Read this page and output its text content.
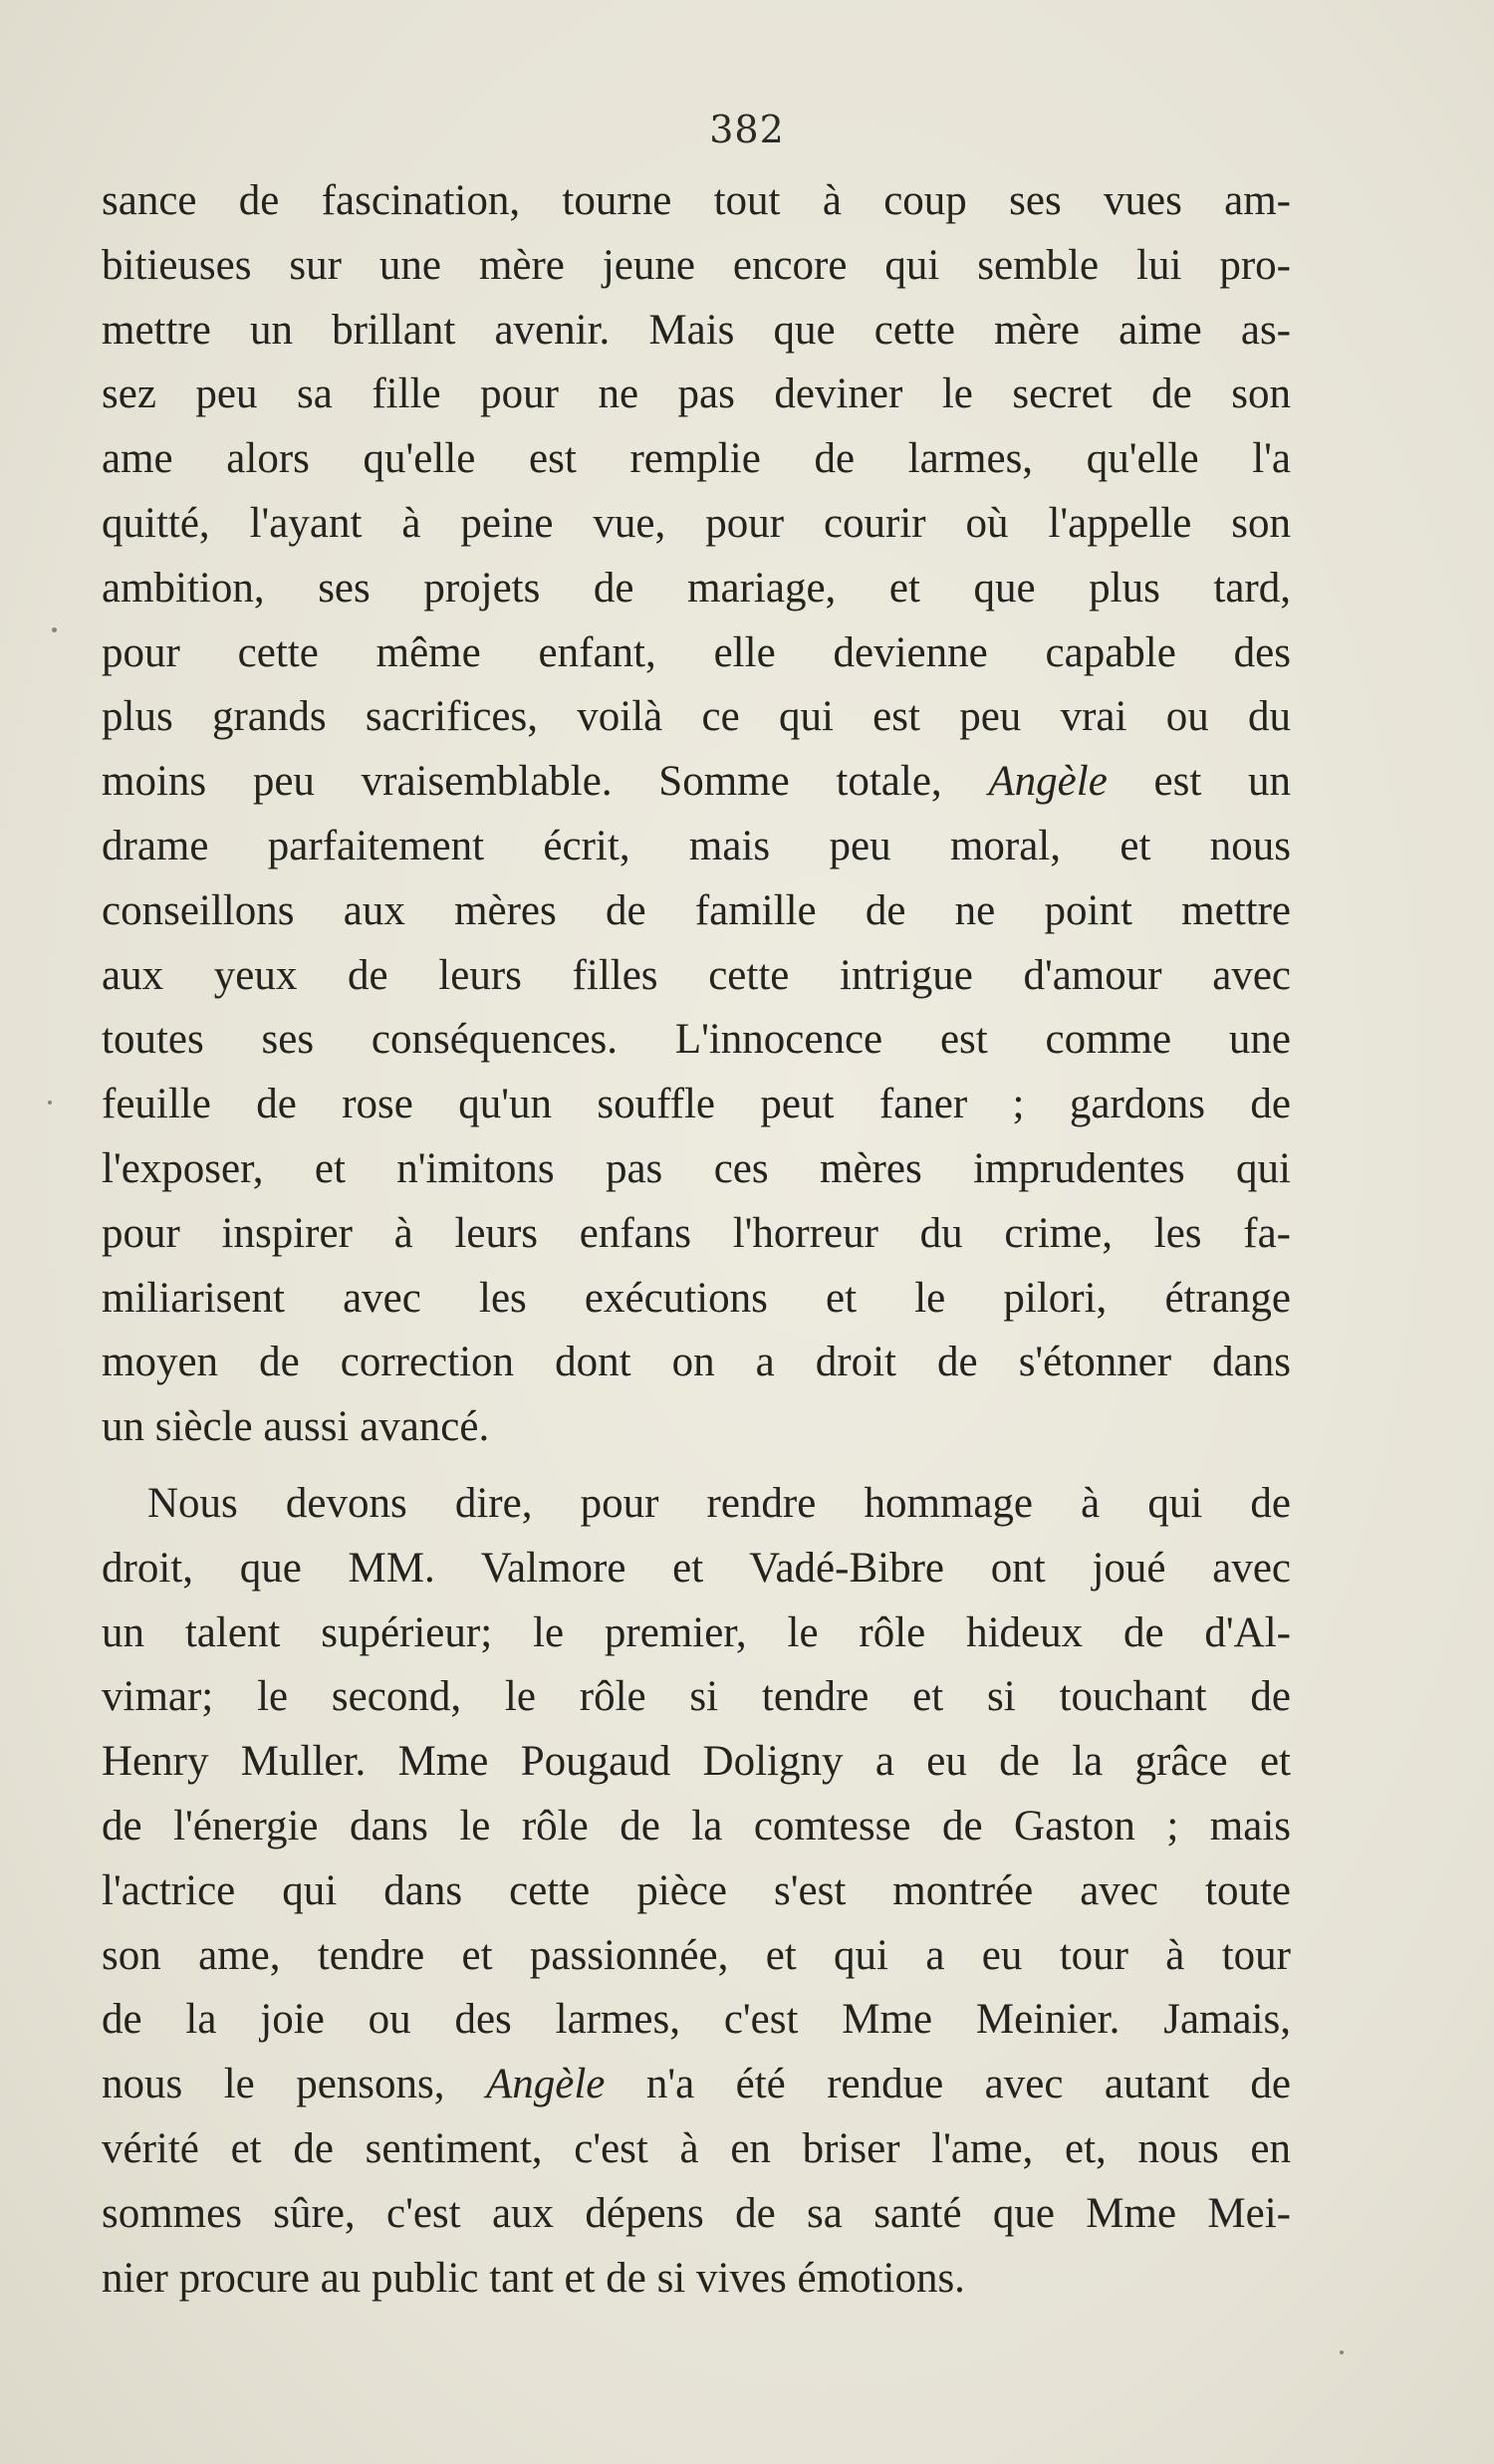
382

sance de fascination, tourne tout à coup ses vues am-
bitieuses sur une mère jeune encore qui semble lui pro-
mettre un brillant avenir. Mais que cette mère aime as-
sez peu sa fille pour ne pas deviner le secret de son
ame alors qu'elle est remplie de larmes, qu'elle l'a
quitté, l'ayant à peine vue, pour courir où l'appelle son
ambition, ses projets de mariage, et que plus tard,
pour cette même enfant, elle devienne capable des
plus grands sacrifices, voilà ce qui est peu vrai ou du
moins peu vraisemblable. Somme totale, Angèle est un
drame parfaitement écrit, mais peu moral, et nous
conseillons aux mères de famille de ne point mettre
aux yeux de leurs filles cette intrigue d'amour avec
toutes ses conséquences. L'innocence est comme une
feuille de rose qu'un souffle peut faner ; gardons de
l'exposer, et n'imitons pas ces mères imprudentes qui
pour inspirer à leurs enfans l'horreur du crime, les fa-
miliarisent avec les exécutions et le pilori, étrange
moyen de correction dont on a droit de s'étonner dans
un siècle aussi avancé.

Nous devons dire, pour rendre hommage à qui de
droit, que MM. Valmore et Vadé-Bibre ont joué avec
un talent supérieur; le premier, le rôle hideux de d'Al-
vimar; le second, le rôle si tendre et si touchant de
Henry Muller. Mme Pougaud Doligny a eu de la grâce et
de l'énergie dans le rôle de la comtesse de Gaston ; mais
l'actrice qui dans cette pièce s'est montrée avec toute
son ame, tendre et passionnée, et qui a eu tour à tour
de la joie ou des larmes, c'est Mme Meinier. Jamais,
nous le pensons, Angèle n'a été rendue avec autant de
vérité et de sentiment, c'est à en briser l'ame, et, nous en
sommes sûre, c'est aux dépens de sa santé que Mme Mei-
nier procure au public tant et de si vives émotions.
